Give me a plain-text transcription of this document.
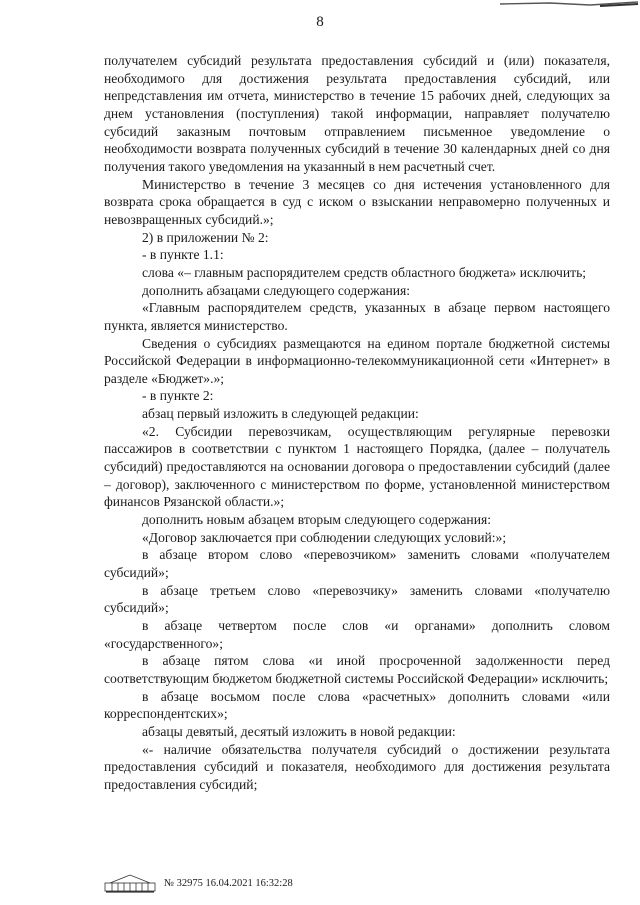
8

получателем субсидий результата предоставления субсидий и (или) показателя, необходимого для достижения результата предоставления субсидий, или непредставления им отчета, министерство в течение 15 рабочих дней, следующих за днем установления (поступления) такой информации, направляет получателю субсидий заказным почтовым отправлением письменное уведомление о необходимости возврата полученных субсидий в течение 30 календарных дней со дня получения такого уведомления на указанный в нем расчетный счет.

Министерство в течение 3 месяцев со дня истечения установленного для возврата срока обращается в суд с иском о взыскании неправомерно полученных и невозвращенных субсидий.»;

2) в приложении № 2:

- в пункте 1.1:

слова «– главным распорядителем средств областного бюджета» исключить;

дополнить абзацами следующего содержания:

«Главным распорядителем средств, указанных в абзаце первом настоящего пункта, является министерство.

Сведения о субсидиях размещаются на едином портале бюджетной системы Российской Федерации в информационно-телекоммуникационной сети «Интернет» в разделе «Бюджет».»;

- в пункте 2:

абзац первый изложить в следующей редакции:

«2. Субсидии перевозчикам, осуществляющим регулярные перевозки пассажиров в соответствии с пунктом 1 настоящего Порядка, (далее – получатель субсидий) предоставляются на основании договора о предоставлении субсидий (далее – договор), заключенного с министерством по форме, установленной министерством финансов Рязанской области.»;

дополнить новым абзацем вторым следующего содержания:

«Договор заключается при соблюдении следующих условий:»;

в абзаце втором слово «перевозчиком» заменить словами «получателем субсидий»;

в абзаце третьем слово «перевозчику» заменить словами «получателю субсидий»;

в абзаце четвертом после слов «и органами» дополнить словом «государственного»;

в абзаце пятом слова «и иной просроченной задолженности перед соответствующим бюджетом бюджетной системы Российской Федерации» исключить;

в абзаце восьмом после слова «расчетных» дополнить словами «или корреспондентских»;

абзацы девятый, десятый изложить в новой редакции:

«- наличие обязательства получателя субсидий о достижении результата предоставления субсидий и показателя, необходимого для достижения результата предоставления субсидий;

№ 32975 16.04.2021 16:32:28
